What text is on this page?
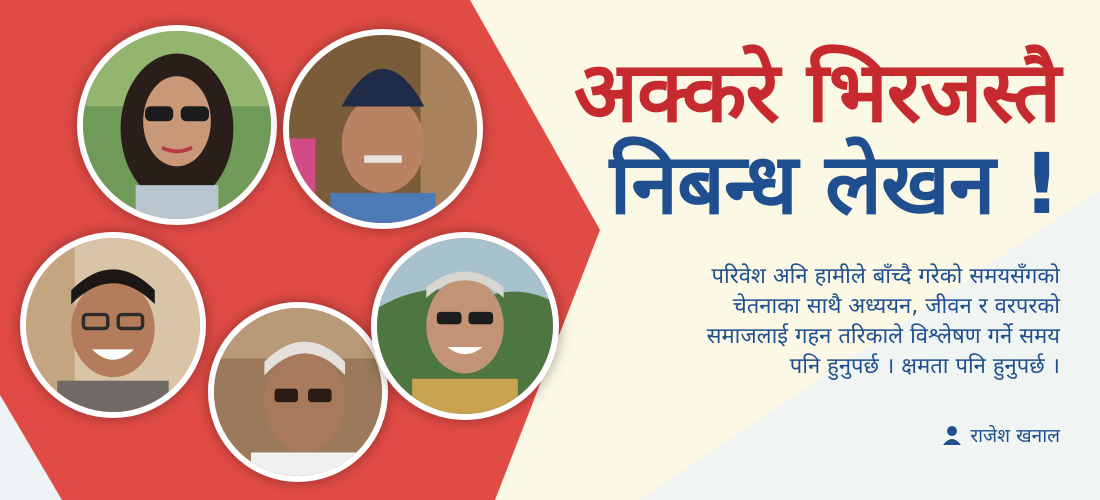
अक्करे भिरजस्तै
निबन्ध लेखन !
परिवेश अनि हामीले बाँच्दै गरेको समयसँगको
चेतनाका साथै अध्ययन, जीवन र वरपरको
समाजलाई गहन तरिकाले विश्लेषण गर्ने समय
पनि हुनुपर्छ । क्षमता पनि हुनुपर्छ ।
राजेश खनाल
